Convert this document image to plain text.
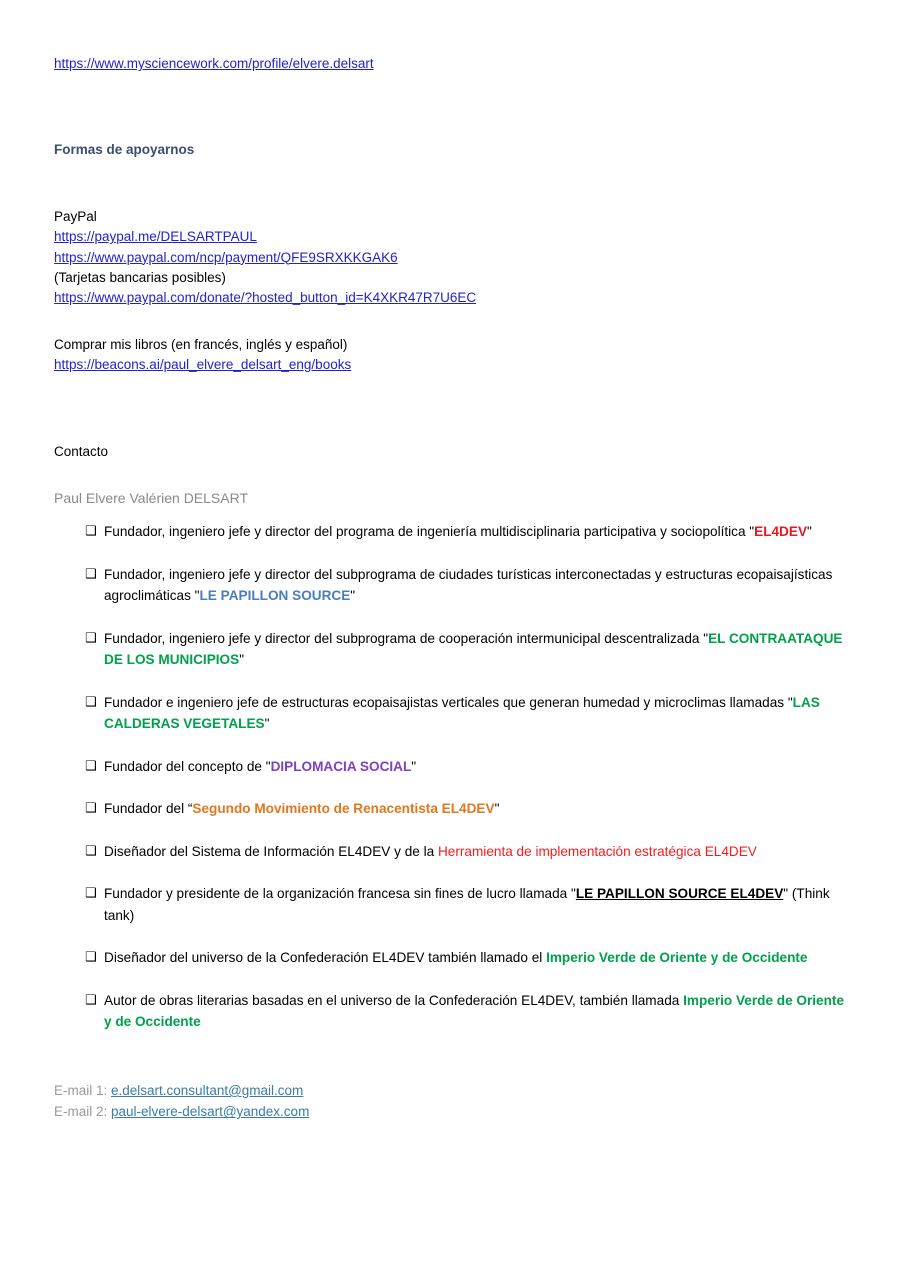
https://www.mysciencework.com/profile/elvere.delsart
Formas de apoyarnos
PayPal
https://paypal.me/DELSARTPAUL
https://www.paypal.com/ncp/payment/QFE9SRXKKGAK6
(Tarjetas bancarias posibles)
https://www.paypal.com/donate/?hosted_button_id=K4XKR47R7U6EC
Comprar mis libros (en francés, inglés y español)
https://beacons.ai/paul_elvere_delsart_eng/books
Contacto
Paul Elvere Valérien DELSART
❑ Fundador, ingeniero jefe y director del programa de ingeniería multidisciplinaria participativa y sociopolítica "EL4DEV"
❑ Fundador, ingeniero jefe y director del subprograma de ciudades turísticas interconectadas y estructuras ecopaisajísticas agroclimáticas "LE PAPILLON SOURCE"
❑ Fundador, ingeniero jefe y director del subprograma de cooperación intermunicipal descentralizada "EL CONTRAATAQUE DE LOS MUNICIPIOS"
❑ Fundador e ingeniero jefe de estructuras ecopaisajistas verticales que generan humedad y microclimas llamadas "LAS CALDERAS VEGETALES"
❑ Fundador del concepto de "DIPLOMACIA SOCIAL"
❑ Fundador del “Segundo Movimiento de Renacentista EL4DEV"
❑ Diseñador del Sistema de Información EL4DEV y de la Herramienta de implementación estratégica EL4DEV
❑ Fundador y presidente de la organización francesa sin fines de lucro llamada "LE PAPILLON SOURCE EL4DEV" (Think tank)
❑ Diseñador del universo de la Confederación EL4DEV también llamado el Imperio Verde de Oriente y de Occidente
❑ Autor de obras literarias basadas en el universo de la Confederación EL4DEV, también llamada Imperio Verde de Oriente y de Occidente
E-mail 1: e.delsart.consultant@gmail.com
E-mail 2: paul-elvere-delsart@yandex.com
